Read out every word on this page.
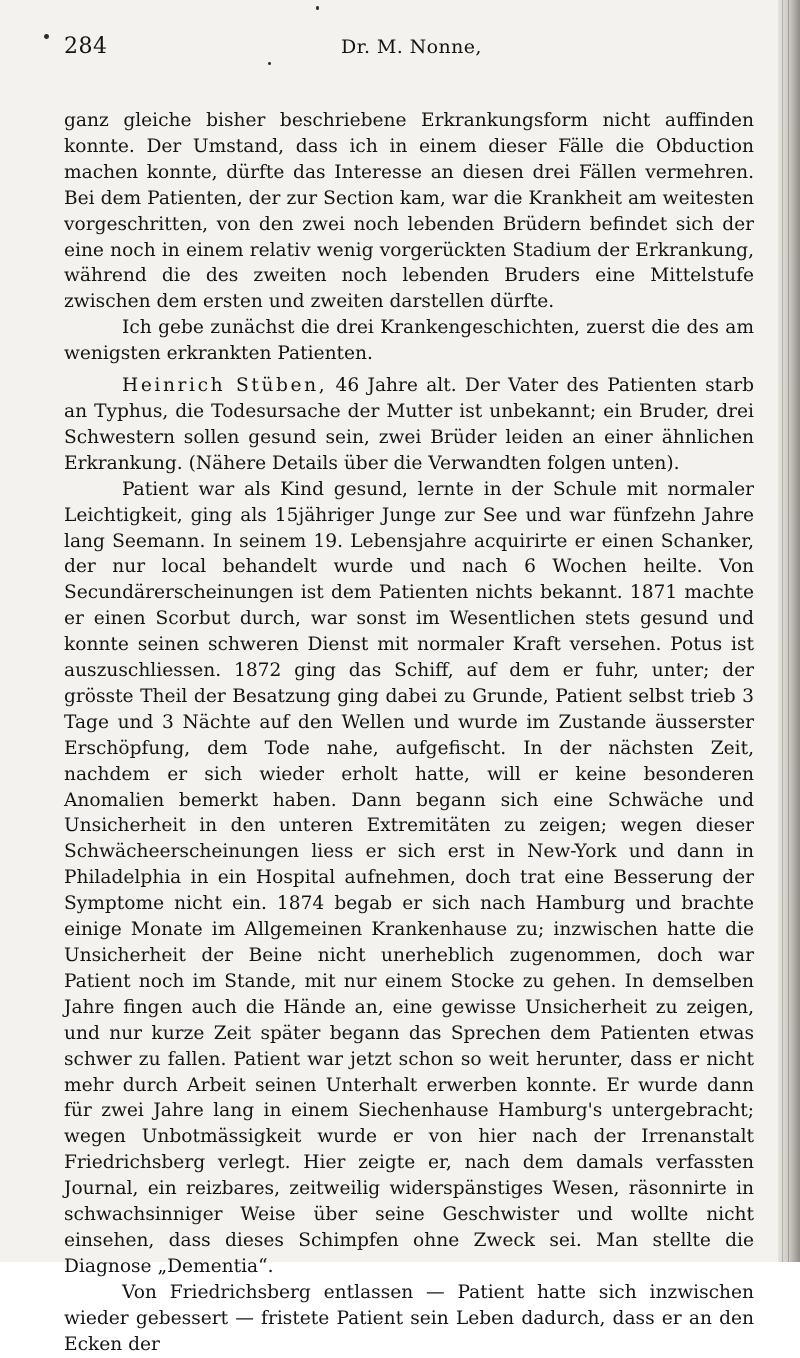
284	Dr. M. Nonne,

ganz gleiche bisher beschriebene Erkrankungsform nicht auffinden konnte. Der Umstand, dass ich in einem dieser Fälle die Obduction machen konnte, dürfte das Interesse an diesen drei Fällen vermehren. Bei dem Patienten, der zur Section kam, war die Krankheit am weitesten vorgeschritten, von den zwei noch lebenden Brüdern befindet sich der eine noch in einem relativ wenig vorgerückten Stadium der Erkrankung, während die des zweiten noch lebenden Bruders eine Mittelstufe zwischen dem ersten und zweiten darstellen dürfte.

Ich gebe zunächst die drei Krankengeschichten, zuerst die des am wenigsten erkrankten Patienten.

Heinrich Stüben, 46 Jahre alt. Der Vater des Patienten starb an Typhus, die Todesursache der Mutter ist unbekannt; ein Bruder, drei Schwestern sollen gesund sein, zwei Brüder leiden an einer ähnlichen Erkrankung. (Nähere Details über die Verwandten folgen unten).

Patient war als Kind gesund, lernte in der Schule mit normaler Leichtigkeit, ging als 15jähriger Junge zur See und war fünfzehn Jahre lang Seemann. In seinem 19. Lebensjahre acquirirte er einen Schanker, der nur local behandelt wurde und nach 6 Wochen heilte. Von Secundärerscheinungen ist dem Patienten nichts bekannt. 1871 machte er einen Scorbut durch, war sonst im Wesentlichen stets gesund und konnte seinen schweren Dienst mit normaler Kraft versehen. Potus ist auszuschliessen. 1872 ging das Schiff, auf dem er fuhr, unter; der grösste Theil der Besatzung ging dabei zu Grunde, Patient selbst trieb 3 Tage und 3 Nächte auf den Wellen und wurde im Zustande äusserster Erschöpfung, dem Tode nahe, aufgefischt. In der nächsten Zeit, nachdem er sich wieder erholt hatte, will er keine besonderen Anomalien bemerkt haben. Dann begann sich eine Schwäche und Unsicherheit in den unteren Extremitäten zu zeigen; wegen dieser Schwächeerscheinungen liess er sich erst in New-York und dann in Philadelphia in ein Hospital aufnehmen, doch trat eine Besserung der Symptome nicht ein. 1874 begab er sich nach Hamburg und brachte einige Monate im Allgemeinen Krankenhause zu; inzwischen hatte die Unsicherheit der Beine nicht unerheblich zugenommen, doch war Patient noch im Stande, mit nur einem Stocke zu gehen. In demselben Jahre fingen auch die Hände an, eine gewisse Unsicherheit zu zeigen, und nur kurze Zeit später begann das Sprechen dem Patienten etwas schwer zu fallen. Patient war jetzt schon so weit herunter, dass er nicht mehr durch Arbeit seinen Unterhalt erwerben konnte. Er wurde dann für zwei Jahre lang in einem Siechenhause Hamburg's untergebracht; wegen Unbotmässigkeit wurde er von hier nach der Irrenanstalt Friedrichsberg verlegt. Hier zeigte er, nach dem damals verfassten Journal, ein reizbares, zeitweilig widerspänstiges Wesen, räsonnirte in schwachsinniger Weise über seine Geschwister und wollte nicht einsehen, dass dieses Schimpfen ohne Zweck sei. Man stellte die Diagnose „Dementia“.

Von Friedrichsberg entlassen — Patient hatte sich inzwischen wieder gebessert — fristete Patient sein Leben dadurch, dass er an den Ecken der
